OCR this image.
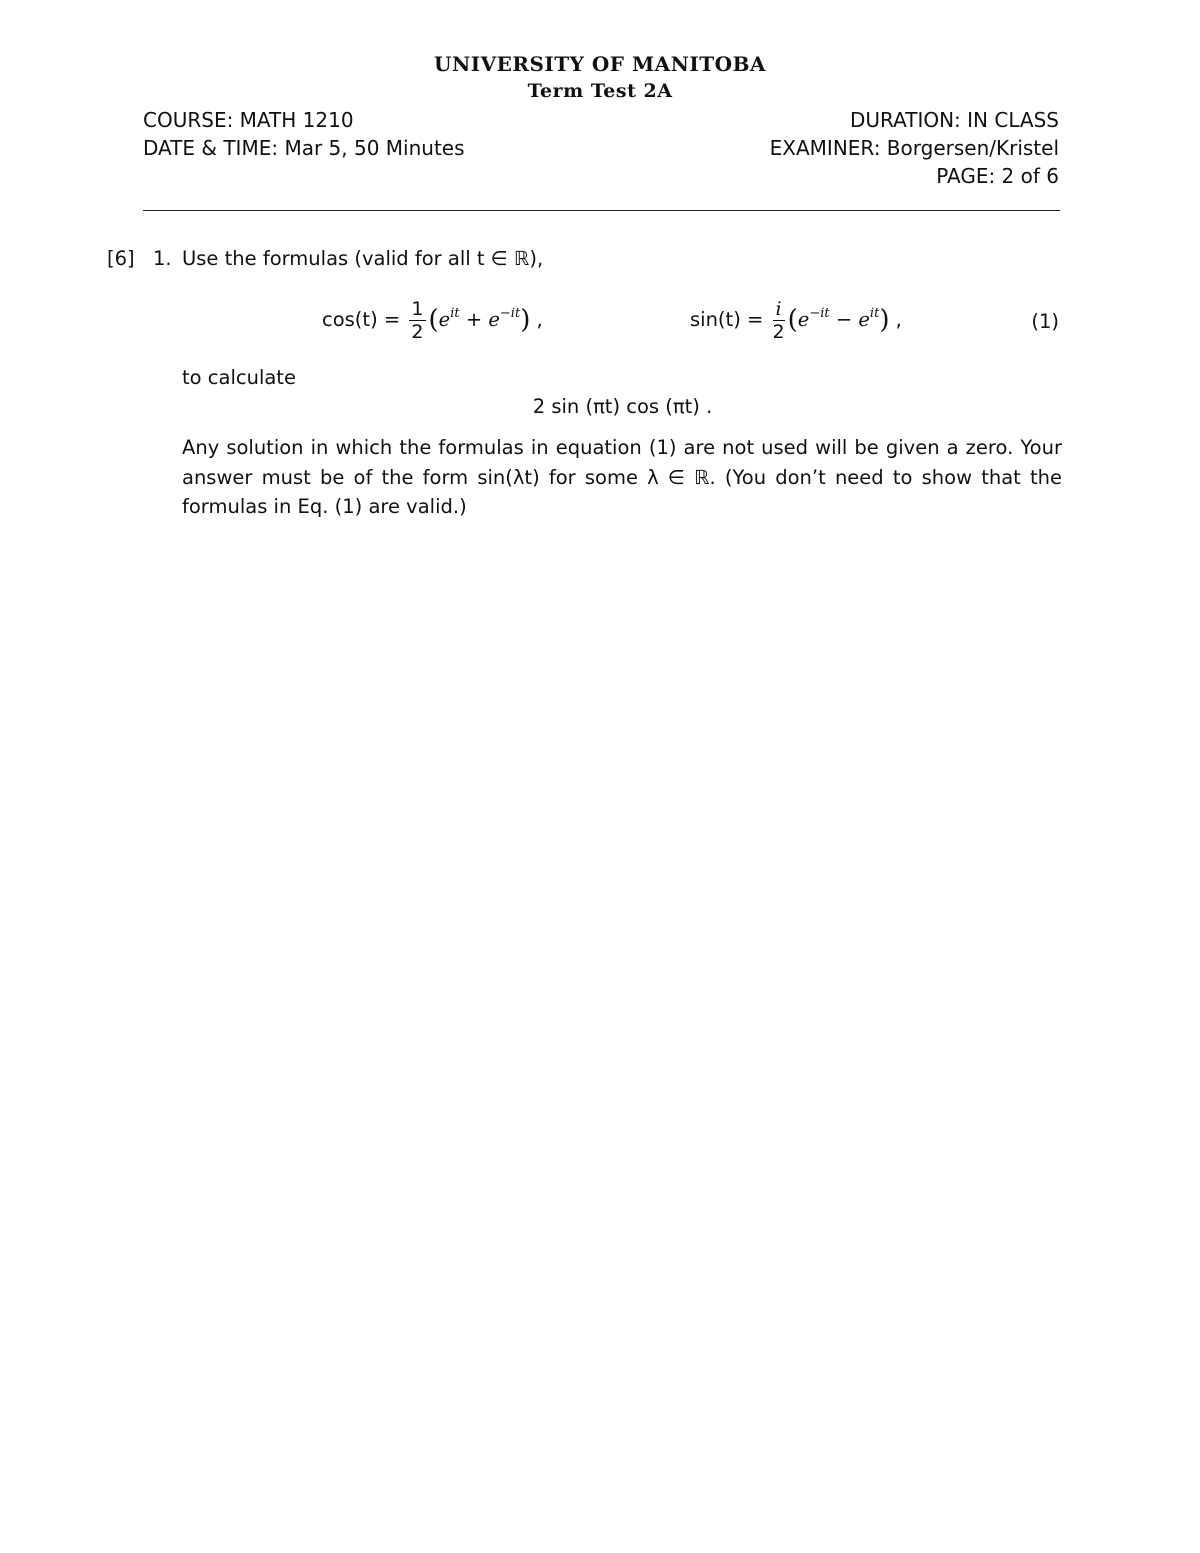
UNIVERSITY OF MANITOBA
Term Test 2A
COURSE: MATH 1210	DURATION: IN CLASS
DATE & TIME: Mar 5, 50 Minutes	EXAMINER: Borgersen/Kristel
PAGE: 2 of 6
[6] 1. Use the formulas (valid for all t ∈ ℝ),
$\cos(t) = \frac{1}{2} (e^{it} + e^{-it})$ ,	$\sin(t) = \frac{i}{2} (e^{-it} - e^{it})$ ,	(1)
to calculate
2 sin (πt) cos (πt) .
Any solution in which the formulas in equation (1) are not used will be given a zero. Your answer must be of the form sin(λt) for some λ ∈ ℝ. (You don’t need to show that the formulas in Eq. (1) are valid.)
